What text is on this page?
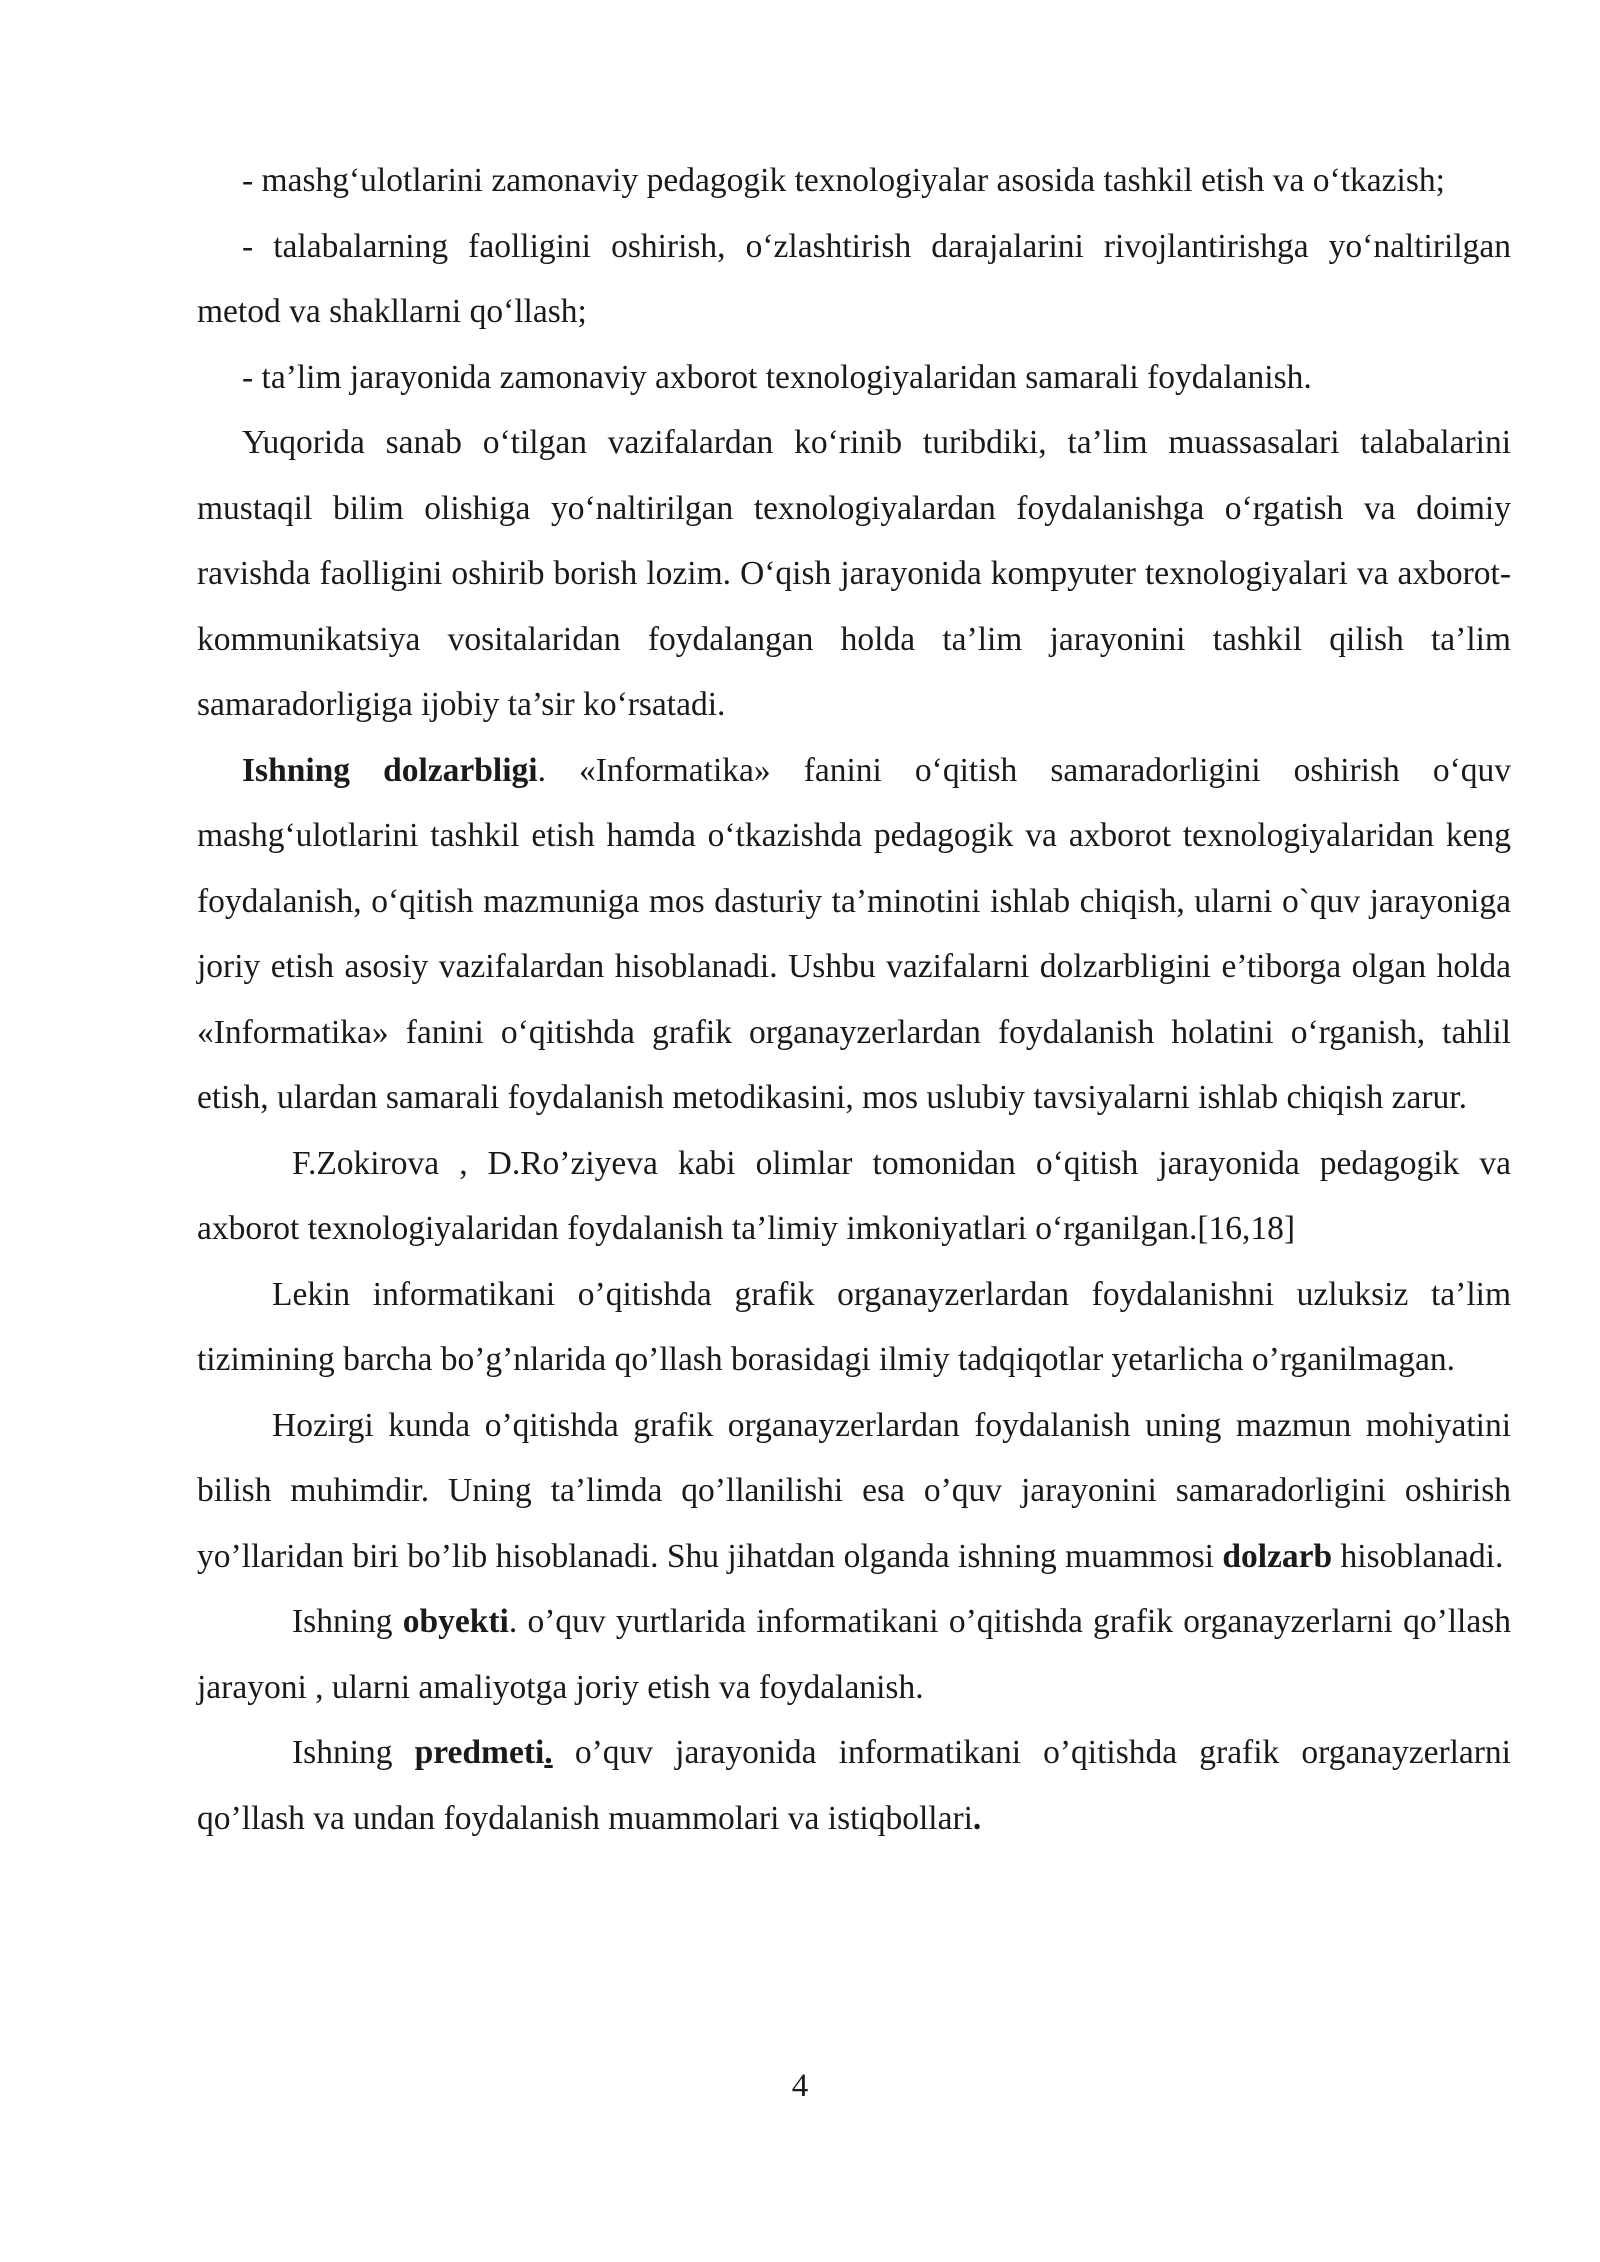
- mashg‘ulotlarini zamonaviy pedagogik texnologiyalar asosida tashkil etish va o‘tkazish;

- talabalarning faolligini oshirish, o‘zlashtirish darajalarini rivojlantirishga yo‘naltirilgan metod va shakllarni qo‘llash;

- ta’lim jarayonida zamonaviy axborot texnologiyalaridan samarali foydalanish.

Yuqorida sanab o‘tilgan vazifalardan ko‘rinib turibdiki, ta’lim muassasalari talabalarini mustaqil bilim olishiga yo‘naltirilgan texnologiyalardan foydalanishga o‘rgatish va doimiy ravishda faolligini oshirib borish lozim. O‘qish jarayonida kompyuter texnologiyalari va axborot-kommunikatsiya vositalaridan foydalangan holda ta’lim jarayonini tashkil qilish ta’lim samaradorligiga ijobiy ta’sir ko‘rsatadi.

Ishning dolzarbligi. «Informatika» fanini o‘qitish samaradorligini oshirish o‘quv mashg‘ulotlarini tashkil etish hamda o‘tkazishda pedagogik va axborot texnologiyalaridan keng foydalanish, o‘qitish mazmuniga mos dasturiy ta’minotini ishlab chiqish, ularni o`quv jarayoniga joriy etish asosiy vazifalardan hisoblanadi. Ushbu vazifalarni dolzarbligini e’tiborga olgan holda «Informatika» fanini o‘qitishda grafik organayzerlardan foydalanish holatini o‘rganish, tahlil etish, ulardan samarali foydalanish metodikasini, mos uslubiy tavsiyalarni ishlab chiqish zarur.

F.Zokirova , D.Ro’ziyeva kabi olimlar tomonidan o‘qitish jarayonida pedagogik va axborot texnologiyalaridan foydalanish ta’limiy imkoniyatlari o‘rganilgan.[16,18]

Lekin informatikani o’qitishda grafik organayzerlardan foydalanishni uzluksiz ta’lim tizimining barcha bo’g’nlarida qo’llash borasidagi ilmiy tadqiqotlar yetarlicha o’rganilmagan.

Hozirgi kunda o’qitishda grafik organayzerlardan foydalanish uning mazmun mohiyatini bilish muhimdir. Uning ta’limda qo’llanilishi esa o’quv jarayonini samaradorligini oshirish yo’llaridan biri bo’lib hisoblanadi. Shu jihatdan olganda ishning muammosi dolzarb hisoblanadi.

Ishning obyekti. o’quv yurtlarida informatikani o’qitishda grafik organayzerlarni qo’llash jarayoni , ularni amaliyotga joriy etish va foydalanish.

Ishning predmeti. o’quv jarayonida informatikani o’qitishda grafik organayzerlarni qo’llash va undan foydalanish muammolari va istiqbollari.

4
